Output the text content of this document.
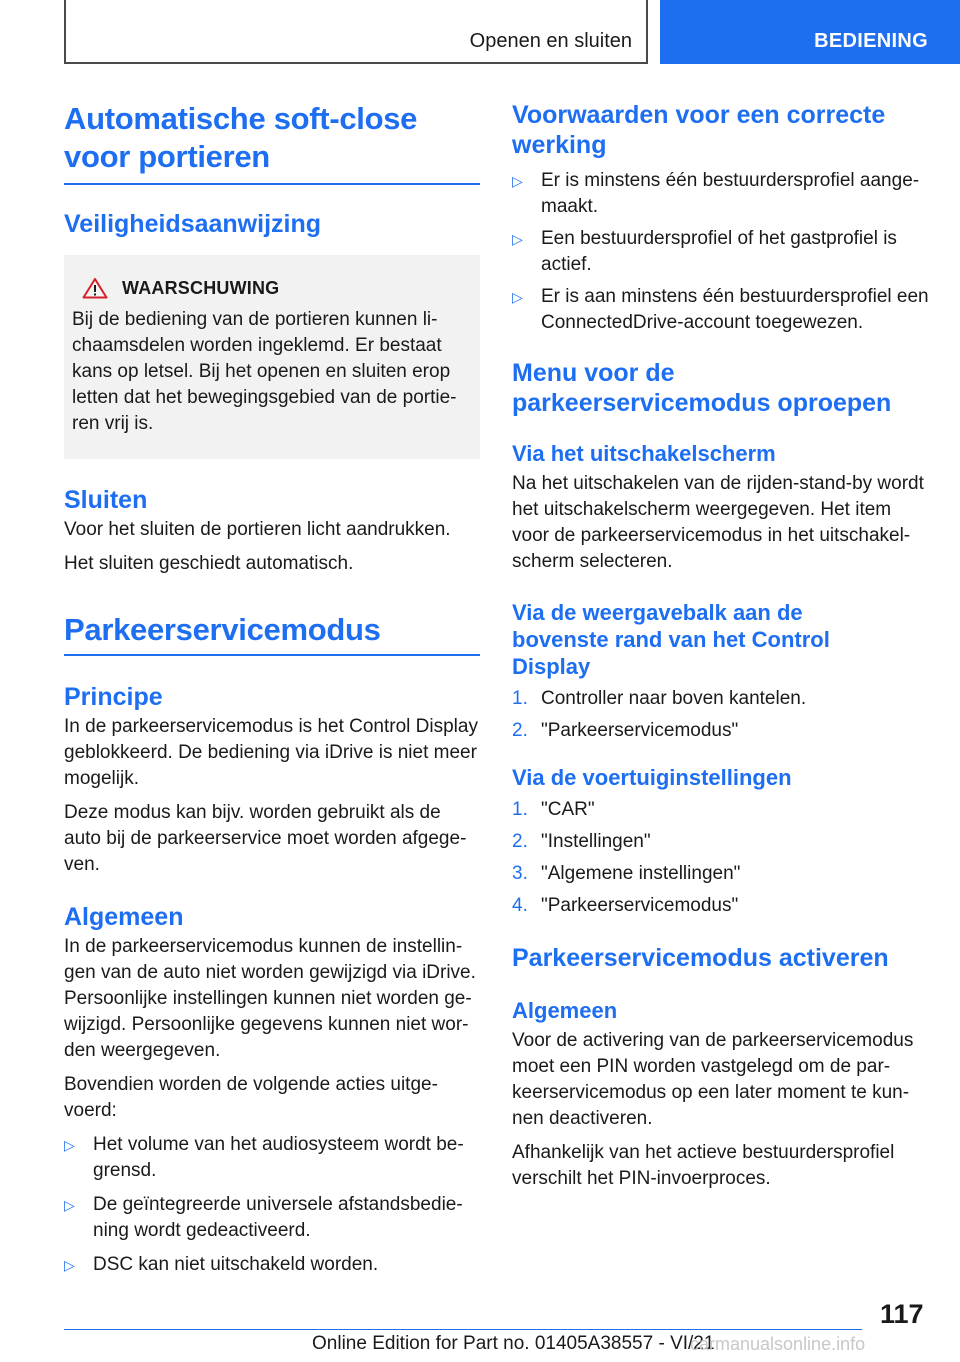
Openen en sluiten	BEDIENING
Automatische soft-close voor portieren
Veiligheidsaanwijzing
WAARSCHUWING

Bij de bediening van de portieren kunnen li-chaamsdelen worden ingeklemd. Er bestaat kans op letsel. Bij het openen en sluiten erop letten dat het bewegingsgebied van de portie-ren vrij is.

Sluiten

Voor het sluiten de portieren licht aandrukken.

Het sluiten geschiedt automatisch.

Parkeerservicemodus
Principe

In de parkeerservicemodus is het Control Display geblokkeerd. De bediening via iDrive is niet meer mogelijk.

Deze modus kan bijv. worden gebruikt als de auto bij de parkeerservice moet worden afgege-ven.

Algemeen

In de parkeerservicemodus kunnen de instellin-gen van de auto niet worden gewijzigd via iDrive. Persoonlijke instellingen kunnen niet worden ge-wijzigd. Persoonlijke gegevens kunnen niet wor-den weergegeven.

Bovendien worden de volgende acties uitge-voerd:

▷ Het volume van het audiosysteem wordt be-grensd.
▷ De geïntegreerde universele afstandsbedie-ning wordt gedeactiveerd.
▷ DSC kan niet uitschakeld worden.
Voorwaarden voor een correcte werking
▷ Er is minstens één bestuurdersprofiel aange-maakt.
▷ Een bestuurdersprofiel of het gastprofiel is actief.
▷ Er is aan minstens één bestuurdersprofiel een ConnectedDrive-account toegewezen.
Menu voor de parkeerservicemodus oproepen
Via het uitschakelscherm

Na het uitschakelen van de rijden-stand-by wordt het uitschakelscherm weergegeven. Het item voor de parkeerservicemodus in het uitschakel-scherm selecteren.

Via de weergavebalk aan de bovenste rand van het Control Display
1. Controller naar boven kantelen.
2. "Parkeerservicemodus"
Via de voertuiginstellingen
1. "CAR"
2. "Instellingen"
3. "Algemene instellingen"
4. "Parkeerservicemodus"
Parkeerservicemodus activeren
Algemeen

Voor de activering van de parkeerservicemodus moet een PIN worden vastgelegd om de par-keerservicemodus op een later moment te kun-nen deactiveren.

Afhankelijk van het actieve bestuurdersprofiel verschilt het PIN-invoerproces.

117
Online Edition for Part no. 01405A38557 - VI/21
carmanualsonline.info
